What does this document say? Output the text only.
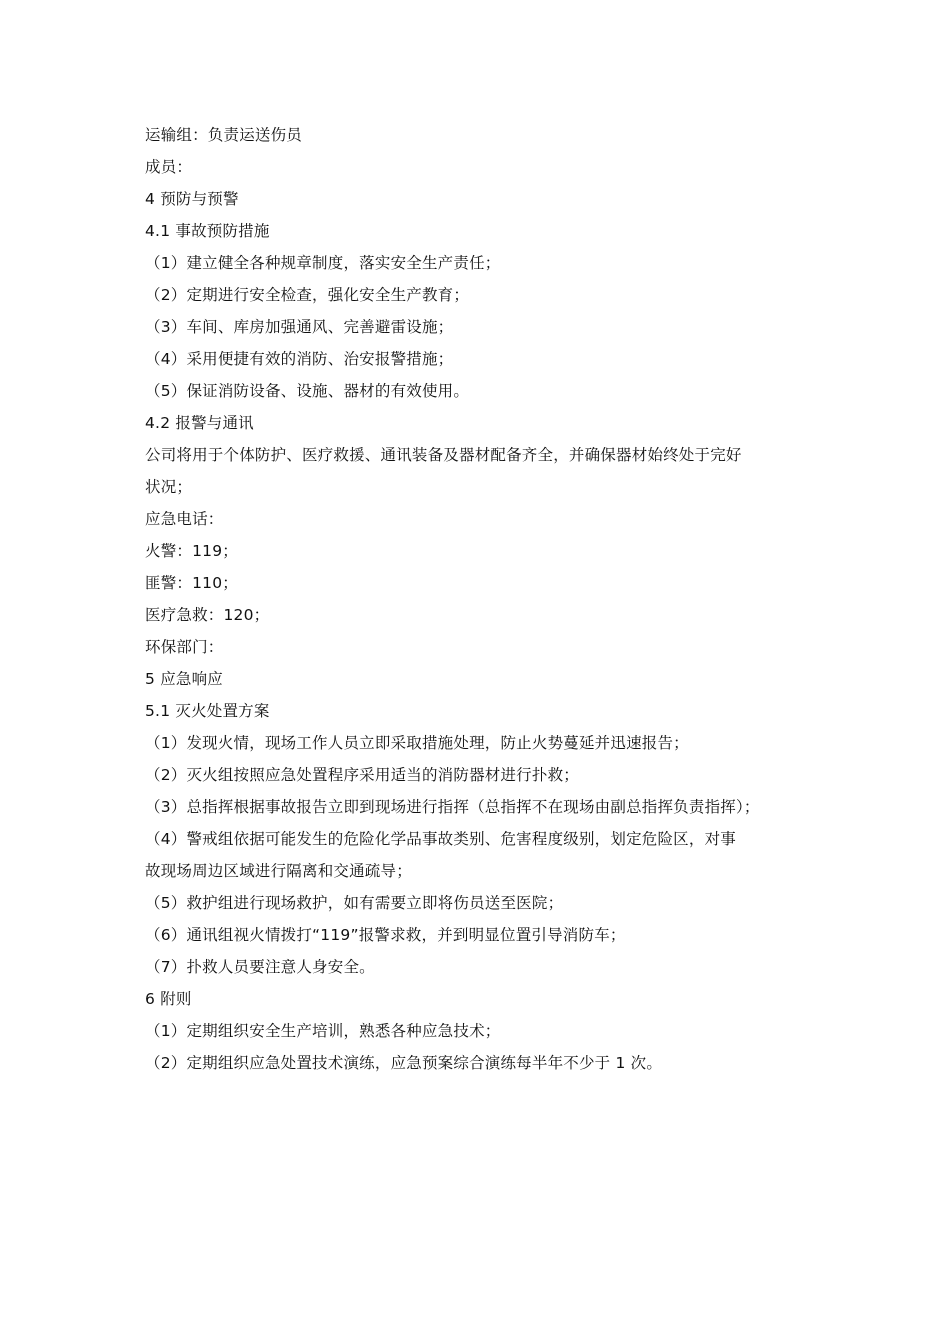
运输组：负责运送伤员
成员：
4 预防与预警
4.1 事故预防措施
（1）建立健全各种规章制度，落实安全生产责任；
（2）定期进行安全检查，强化安全生产教育；
（3）车间、库房加强通风、完善避雷设施；
（4）采用便捷有效的消防、治安报警措施；
（5）保证消防设备、设施、器材的有效使用。
4.2 报警与通讯
公司将用于个体防护、医疗救援、通讯装备及器材配备齐全，并确保器材始终处于完好
状况；
应急电话：
火警：119；
匪警：110；
医疗急救：120；
环保部门：
5 应急响应
5.1 灭火处置方案
（1）发现火情，现场工作人员立即采取措施处理，防止火势蔓延并迅速报告；
（2）灭火组按照应急处置程序采用适当的消防器材进行扑救；
（3）总指挥根据事故报告立即到现场进行指挥（总指挥不在现场由副总指挥负责指挥）；
（4）警戒组依据可能发生的危险化学品事故类别、危害程度级别，划定危险区，对事
故现场周边区域进行隔离和交通疏导；
（5）救护组进行现场救护，如有需要立即将伤员送至医院；
（6）通讯组视火情拨打“119”报警求救，并到明显位置引导消防车；
（7）扑救人员要注意人身安全。
6 附则
（1）定期组织安全生产培训，熟悉各种应急技术；
（2）定期组织应急处置技术演练，应急预案综合演练每半年不少于 1 次。
